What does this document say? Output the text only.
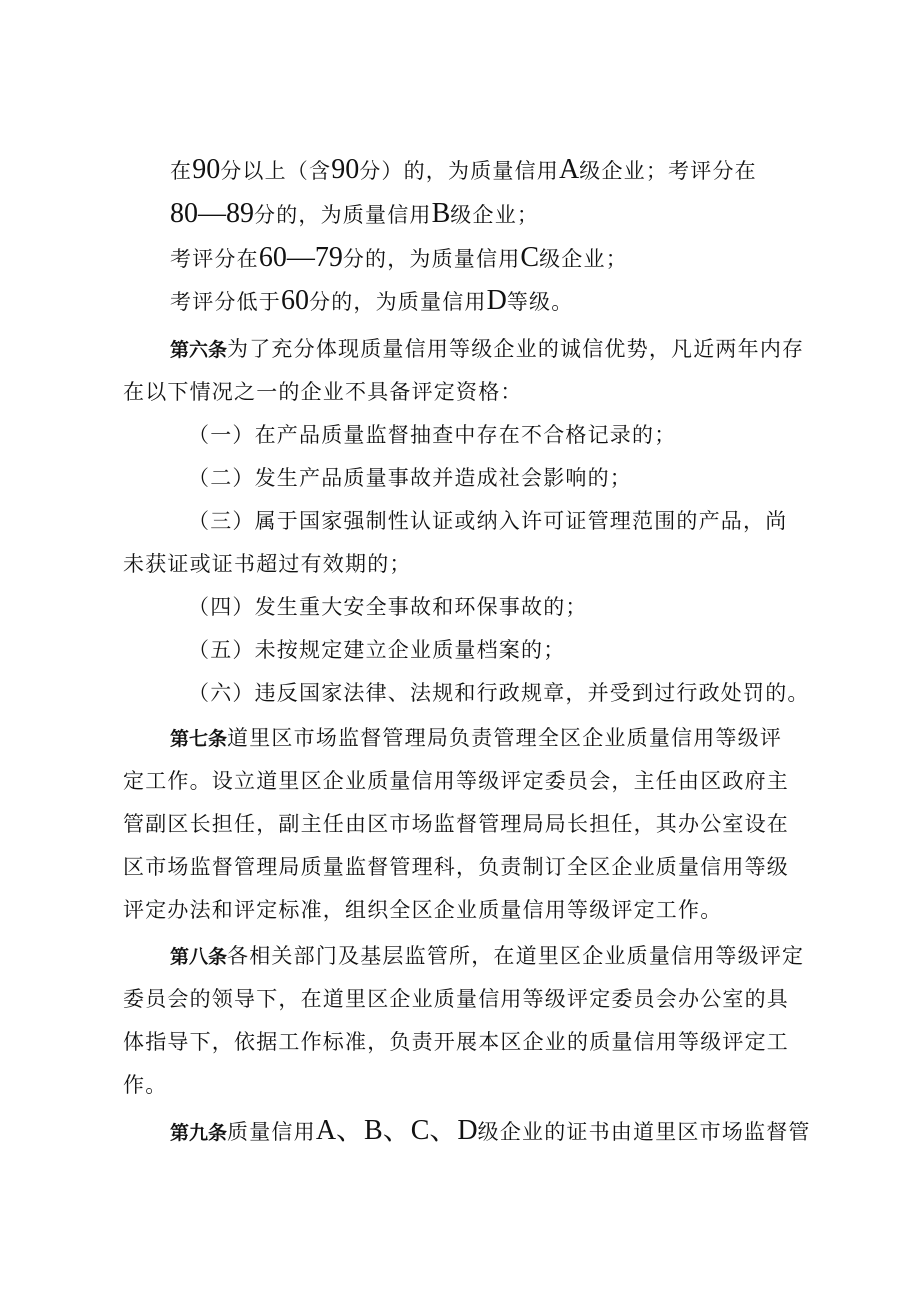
在90分以上（含90分）的，为质量信用A级企业；考评分在
80—89分的，为质量信用B级企业；
考评分在60—79分的，为质量信用C级企业；
考评分低于60分的，为质量信用D等级。
第六条为了充分体现质量信用等级企业的诚信优势，凡近两年内存
在以下情况之一的企业不具备评定资格：
（一）在产品质量监督抽查中存在不合格记录的；
（二）发生产品质量事故并造成社会影响的；
（三）属于国家强制性认证或纳入许可证管理范围的产品，尚
未获证或证书超过有效期的；
（四）发生重大安全事故和环保事故的；
（五）未按规定建立企业质量档案的；
（六）违反国家法律、法规和行政规章，并受到过行政处罚的。
第七条道里区市场监督管理局负责管理全区企业质量信用等级评
定工作。设立道里区企业质量信用等级评定委员会，主任由区政府主
管副区长担任，副主任由区市场监督管理局局长担任，其办公室设在
区市场监督管理局质量监督管理科，负责制订全区企业质量信用等级
评定办法和评定标准，组织全区企业质量信用等级评定工作。
第八条各相关部门及基层监管所，在道里区企业质量信用等级评定
委员会的领导下，在道里区企业质量信用等级评定委员会办公室的具
体指导下，依据工作标准，负责开展本区企业的质量信用等级评定工
作。
第九条质量信用A、B、C、D级企业的证书由道里区市场监督管
